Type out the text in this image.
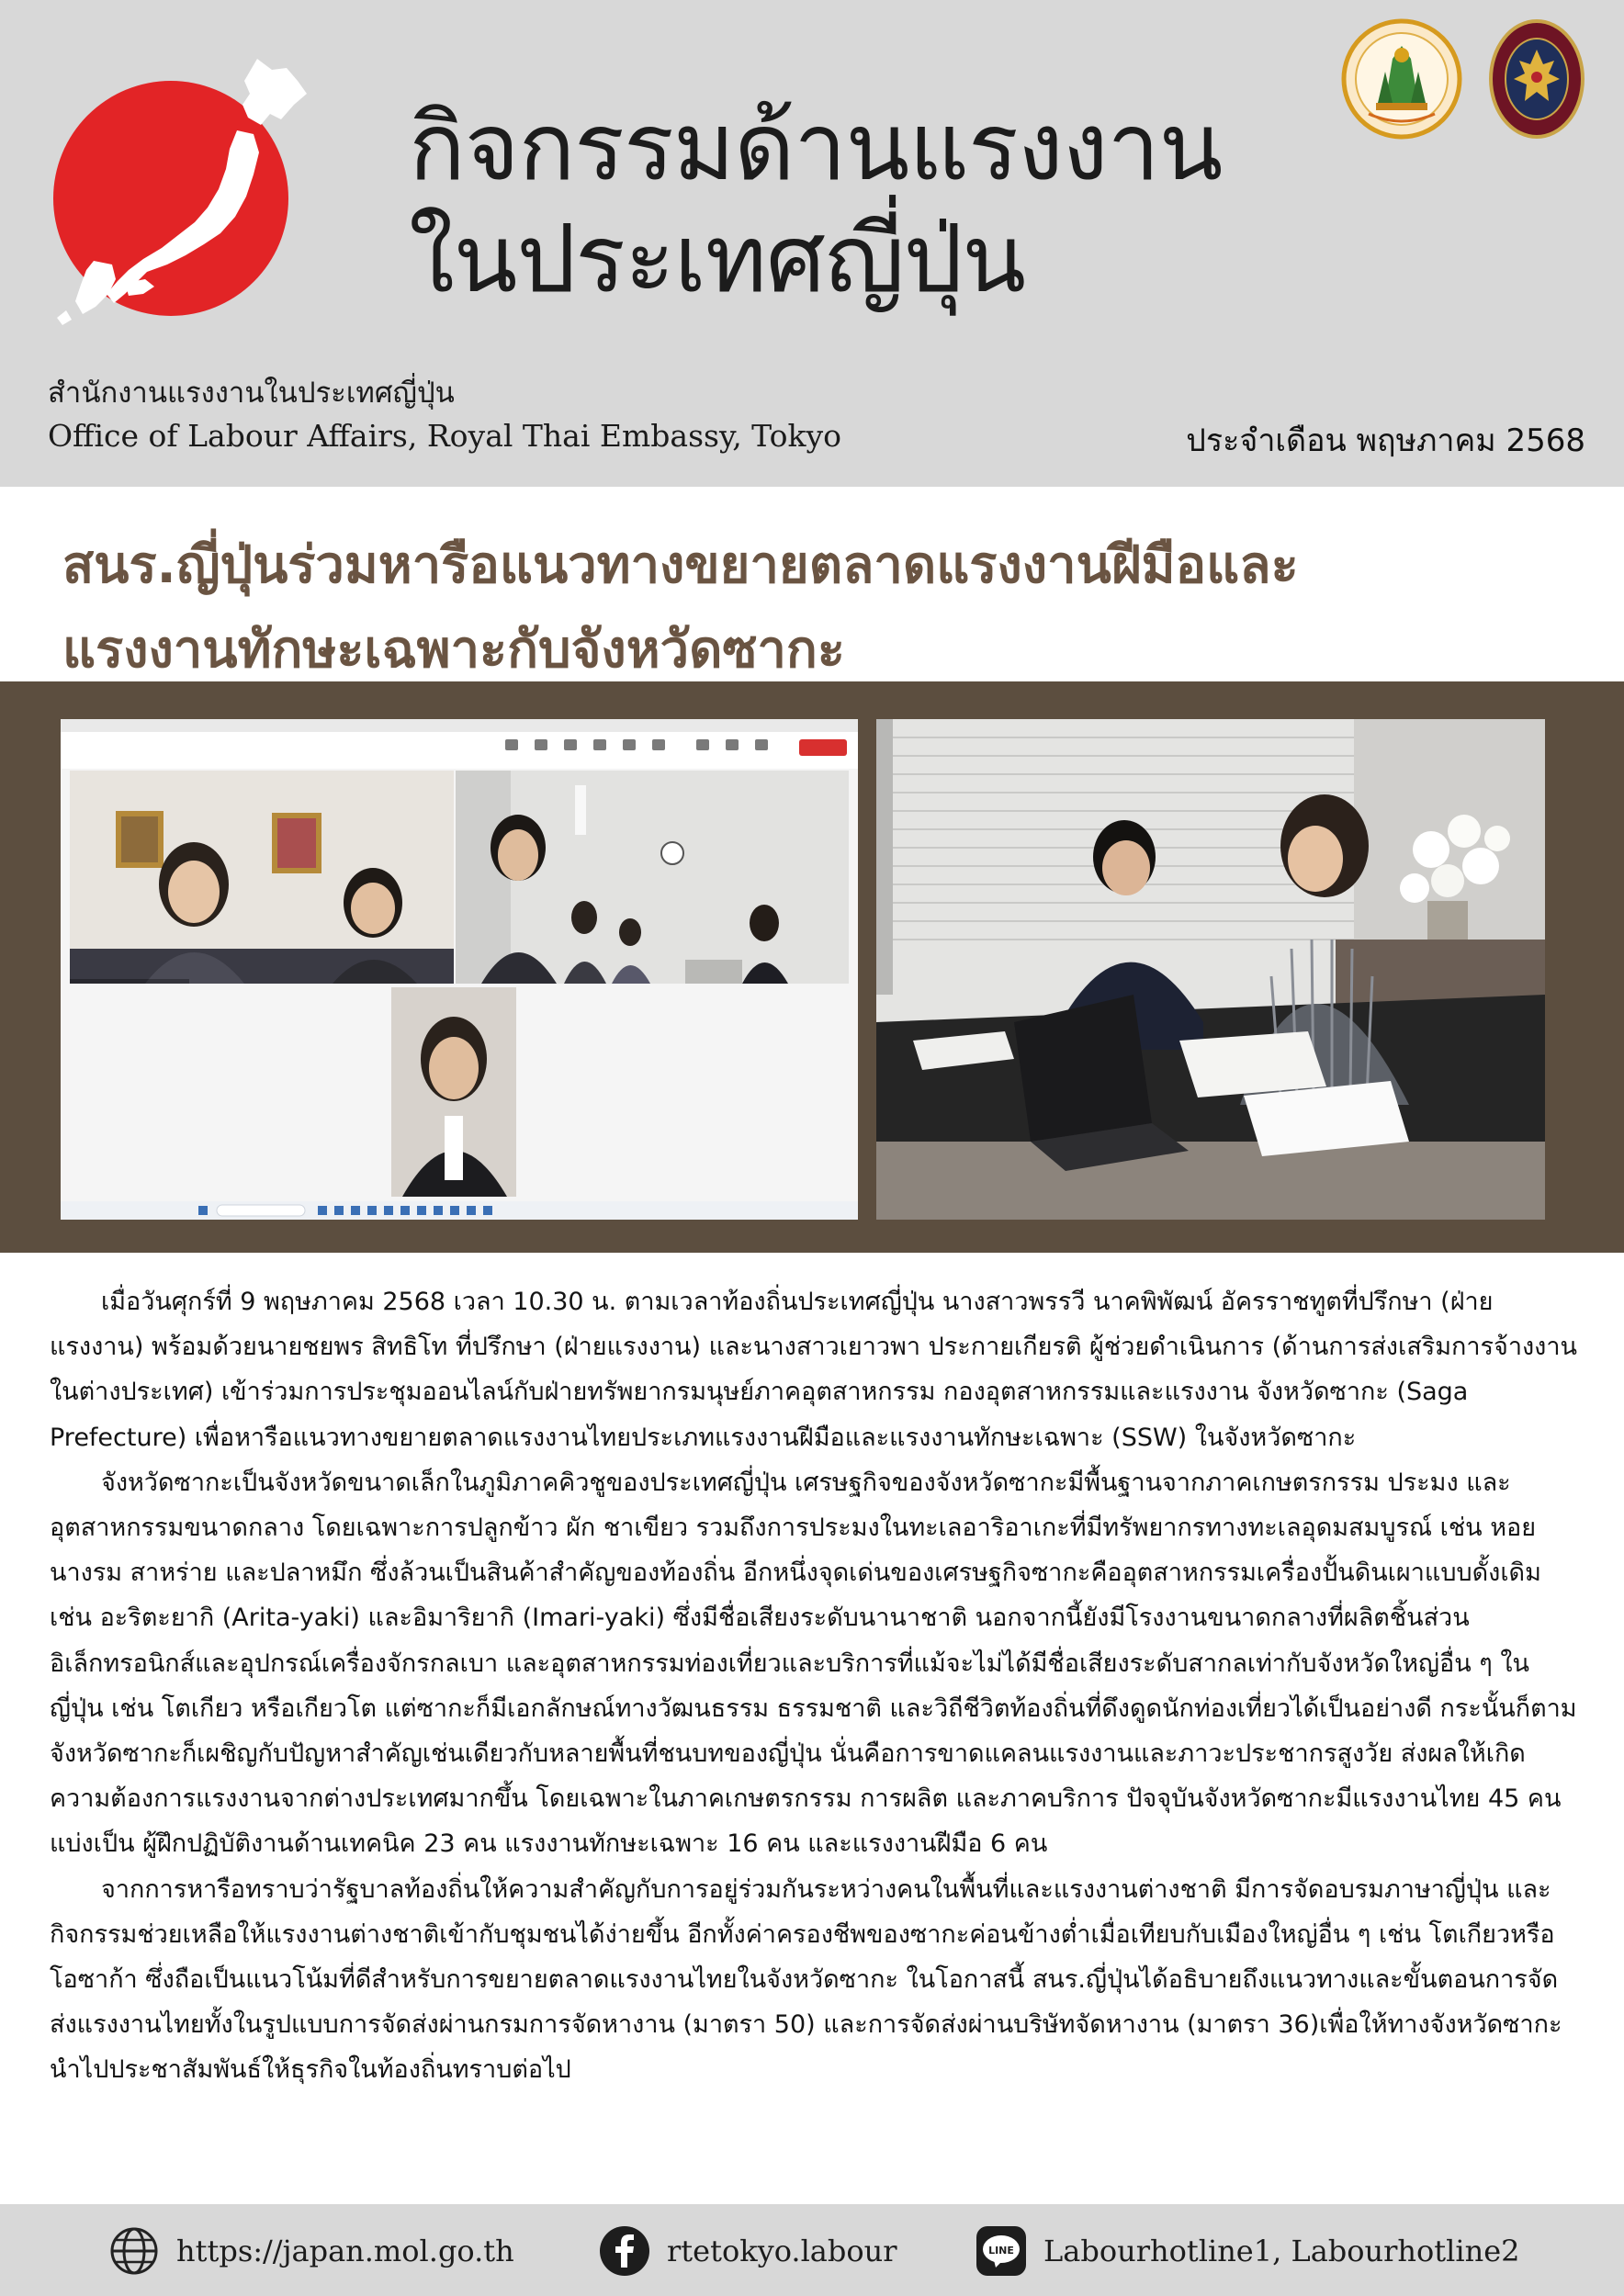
กิจกรรมด้านแรงงาน
ในประเทศญี่ปุ่น
สำนักงานแรงงานในประเทศญี่ปุ่น
Office of Labour Affairs, Royal Thai Embassy, Tokyo	ประจำเดือน พฤษภาคม 2568
สนร.ญี่ปุ่นร่วมหารือแนวทางขยายตลาดแรงงานฝีมือและ
แรงงานทักษะเฉพาะกับจังหวัดซากะ

เมื่อวันศุกร์ที่ 9 พฤษภาคม 2568 เวลา 10.30 น. ตามเวลาท้องถิ่นประเทศญี่ปุ่น นางสาวพรรวี นาคพิพัฒน์ อัครราชทูตที่ปรึกษา (ฝ่ายแรงงาน) พร้อมด้วยนายชยพร สิทธิโท ที่ปรึกษา (ฝ่ายแรงงาน) และนางสาวเยาวพา ประกายเกียรติ ผู้ช่วยดำเนินการ (ด้านการส่งเสริมการจ้างงานในต่างประเทศ) เข้าร่วมการประชุมออนไลน์กับฝ่ายทรัพยากรมนุษย์ภาคอุตสาหกรรม กองอุตสาหกรรมและแรงงาน จังหวัดซากะ (Saga Prefecture) เพื่อหารือแนวทางขยายตลาดแรงงานไทยประเภทแรงงานฝีมือและแรงงานทักษะเฉพาะ (SSW) ในจังหวัดซากะ

จังหวัดซากะเป็นจังหวัดขนาดเล็กในภูมิภาคคิวชูของประเทศญี่ปุ่น เศรษฐกิจของจังหวัดซากะมีพื้นฐานจากภาคเกษตรกรรม ประมง และอุตสาหกรรมขนาดกลาง โดยเฉพาะการปลูกข้าว ผัก ชาเขียว รวมถึงการประมงในทะเลอาริอาเกะที่มีทรัพยากรทางทะเลอุดมสมบูรณ์ เช่น หอยนางรม สาหร่าย และปลาหมึก ซึ่งล้วนเป็นสินค้าสำคัญของท้องถิ่น อีกหนึ่งจุดเด่นของเศรษฐกิจซากะคืออุตสาหกรรมเครื่องปั้นดินเผาแบบดั้งเดิม เช่น อะริตะยากิ (Arita-yaki) และอิมาริยากิ (Imari-yaki) ซึ่งมีชื่อเสียงระดับนานาชาติ นอกจากนี้ยังมีโรงงานขนาดกลางที่ผลิตชิ้นส่วนอิเล็กทรอนิกส์และอุปกรณ์เครื่องจักรกลเบา และอุตสาหกรรมท่องเที่ยวและบริการที่แม้จะไม่ได้มีชื่อเสียงระดับสากลเท่ากับจังหวัดใหญ่อื่น ๆ ในญี่ปุ่น เช่น โตเกียว หรือเกียวโต แต่ซากะก็มีเอกลักษณ์ทางวัฒนธรรม ธรรมชาติ และวิถีชีวิตท้องถิ่นที่ดึงดูดนักท่องเที่ยวได้เป็นอย่างดี กระนั้นก็ตาม จังหวัดซากะก็เผชิญกับปัญหาสำคัญเช่นเดียวกับหลายพื้นที่ชนบทของญี่ปุ่น นั่นคือการขาดแคลนแรงงานและภาวะประชากรสูงวัย ส่งผลให้เกิดความต้องการแรงงานจากต่างประเทศมากขึ้น โดยเฉพาะในภาคเกษตรกรรม การผลิต และภาคบริการ ปัจจุบันจังหวัดซากะมีแรงงานไทย 45 คน แบ่งเป็น ผู้ฝึกปฏิบัติงานด้านเทคนิค 23 คน แรงงานทักษะเฉพาะ 16 คน และแรงงานฝีมือ 6 คน

จากการหารือทราบว่ารัฐบาลท้องถิ่นให้ความสำคัญกับการอยู่ร่วมกันระหว่างคนในพื้นที่และแรงงานต่างชาติ มีการจัดอบรมภาษาญี่ปุ่น และกิจกรรมช่วยเหลือให้แรงงานต่างชาติเข้ากับชุมชนได้ง่ายขึ้น อีกทั้งค่าครองชีพของซากะค่อนข้างต่ำเมื่อเทียบกับเมืองใหญ่อื่น ๆ เช่น โตเกียวหรือโอซาก้า ซึ่งถือเป็นแนวโน้มที่ดีสำหรับการขยายตลาดแรงงานไทยในจังหวัดซากะ ในโอกาสนี้ สนร.ญี่ปุ่นได้อธิบายถึงแนวทางและขั้นตอนการจัดส่งแรงงานไทยทั้งในรูปแบบการจัดส่งผ่านกรมการจัดหางาน (มาตรา 50) และการจัดส่งผ่านบริษัทจัดหางาน (มาตรา 36)เพื่อให้ทางจังหวัดซากะนำไปประชาสัมพันธ์ให้ธุรกิจในท้องถิ่นทราบต่อไป

https://japan.mol.go.th	rtetokyo.labour	LINE Labourhotline1, Labourhotline2
